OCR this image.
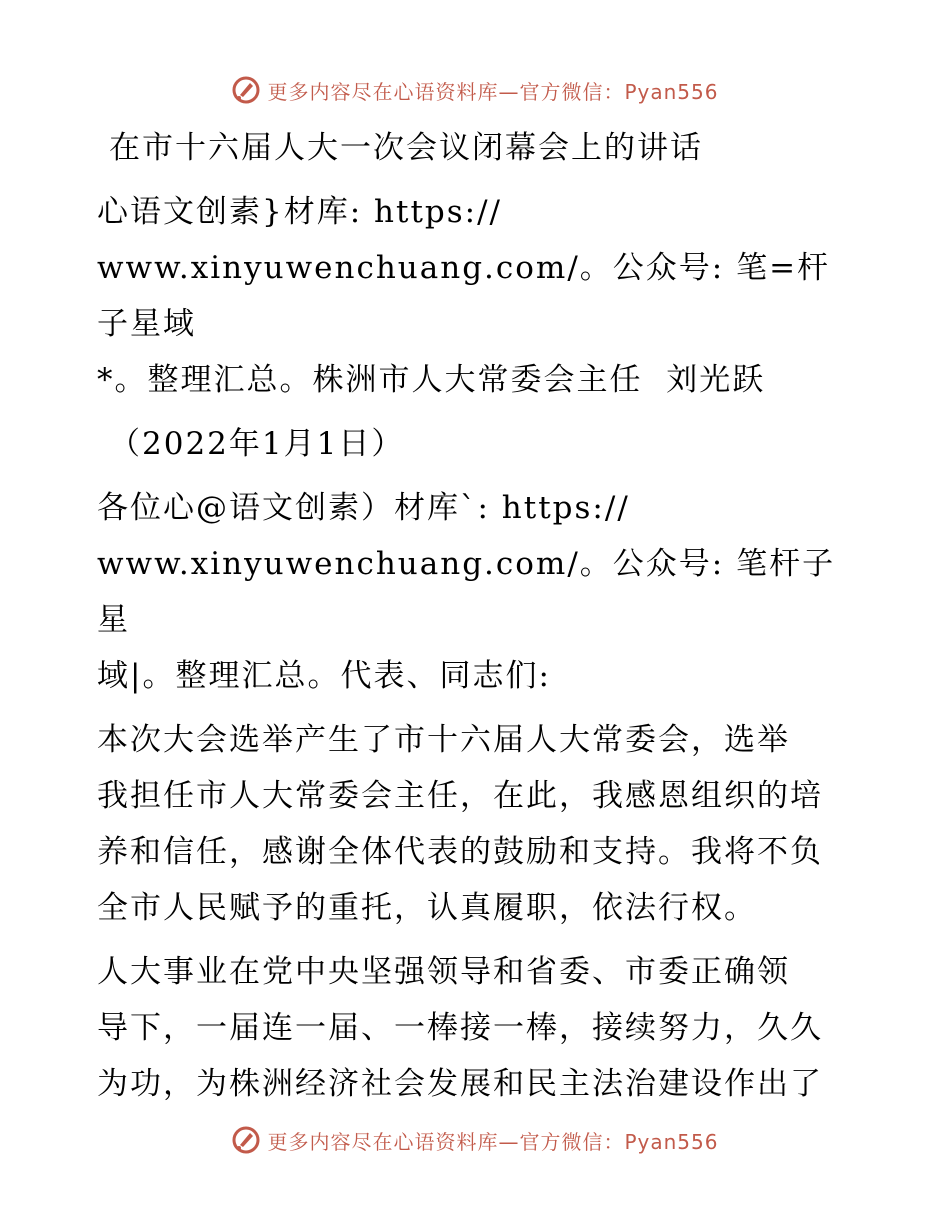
更多内容尽在心语资料库—官方微信：Pyan556

在市十六届人大一次会议闭幕会上的讲话

心语文创素}材库: https://
www.xinyuwenchuang.com/。公众号: 笔=杆子星域
*。整理汇总。株洲市人大常委会主任  刘光跃

（2022年1月1日）

各位心@语文创素）材库`: https://
www.xinyuwenchuang.com/。公众号: 笔杆子星
域|。整理汇总。代表、同志们:

本次大会选举产生了市十六届人大常委会，选举
我担任市人大常委会主任，在此，我感恩组织的培
养和信任，感谢全体代表的鼓励和支持。我将不负
全市人民赋予的重托，认真履职，依法行权。

人大事业在党中央坚强领导和省委、市委正确领
导下，一届连一届、一棒接一棒，接续努力，久久
为功，为株洲经济社会发展和民主法治建设作出了

更多内容尽在心语资料库—官方微信：Pyan556
